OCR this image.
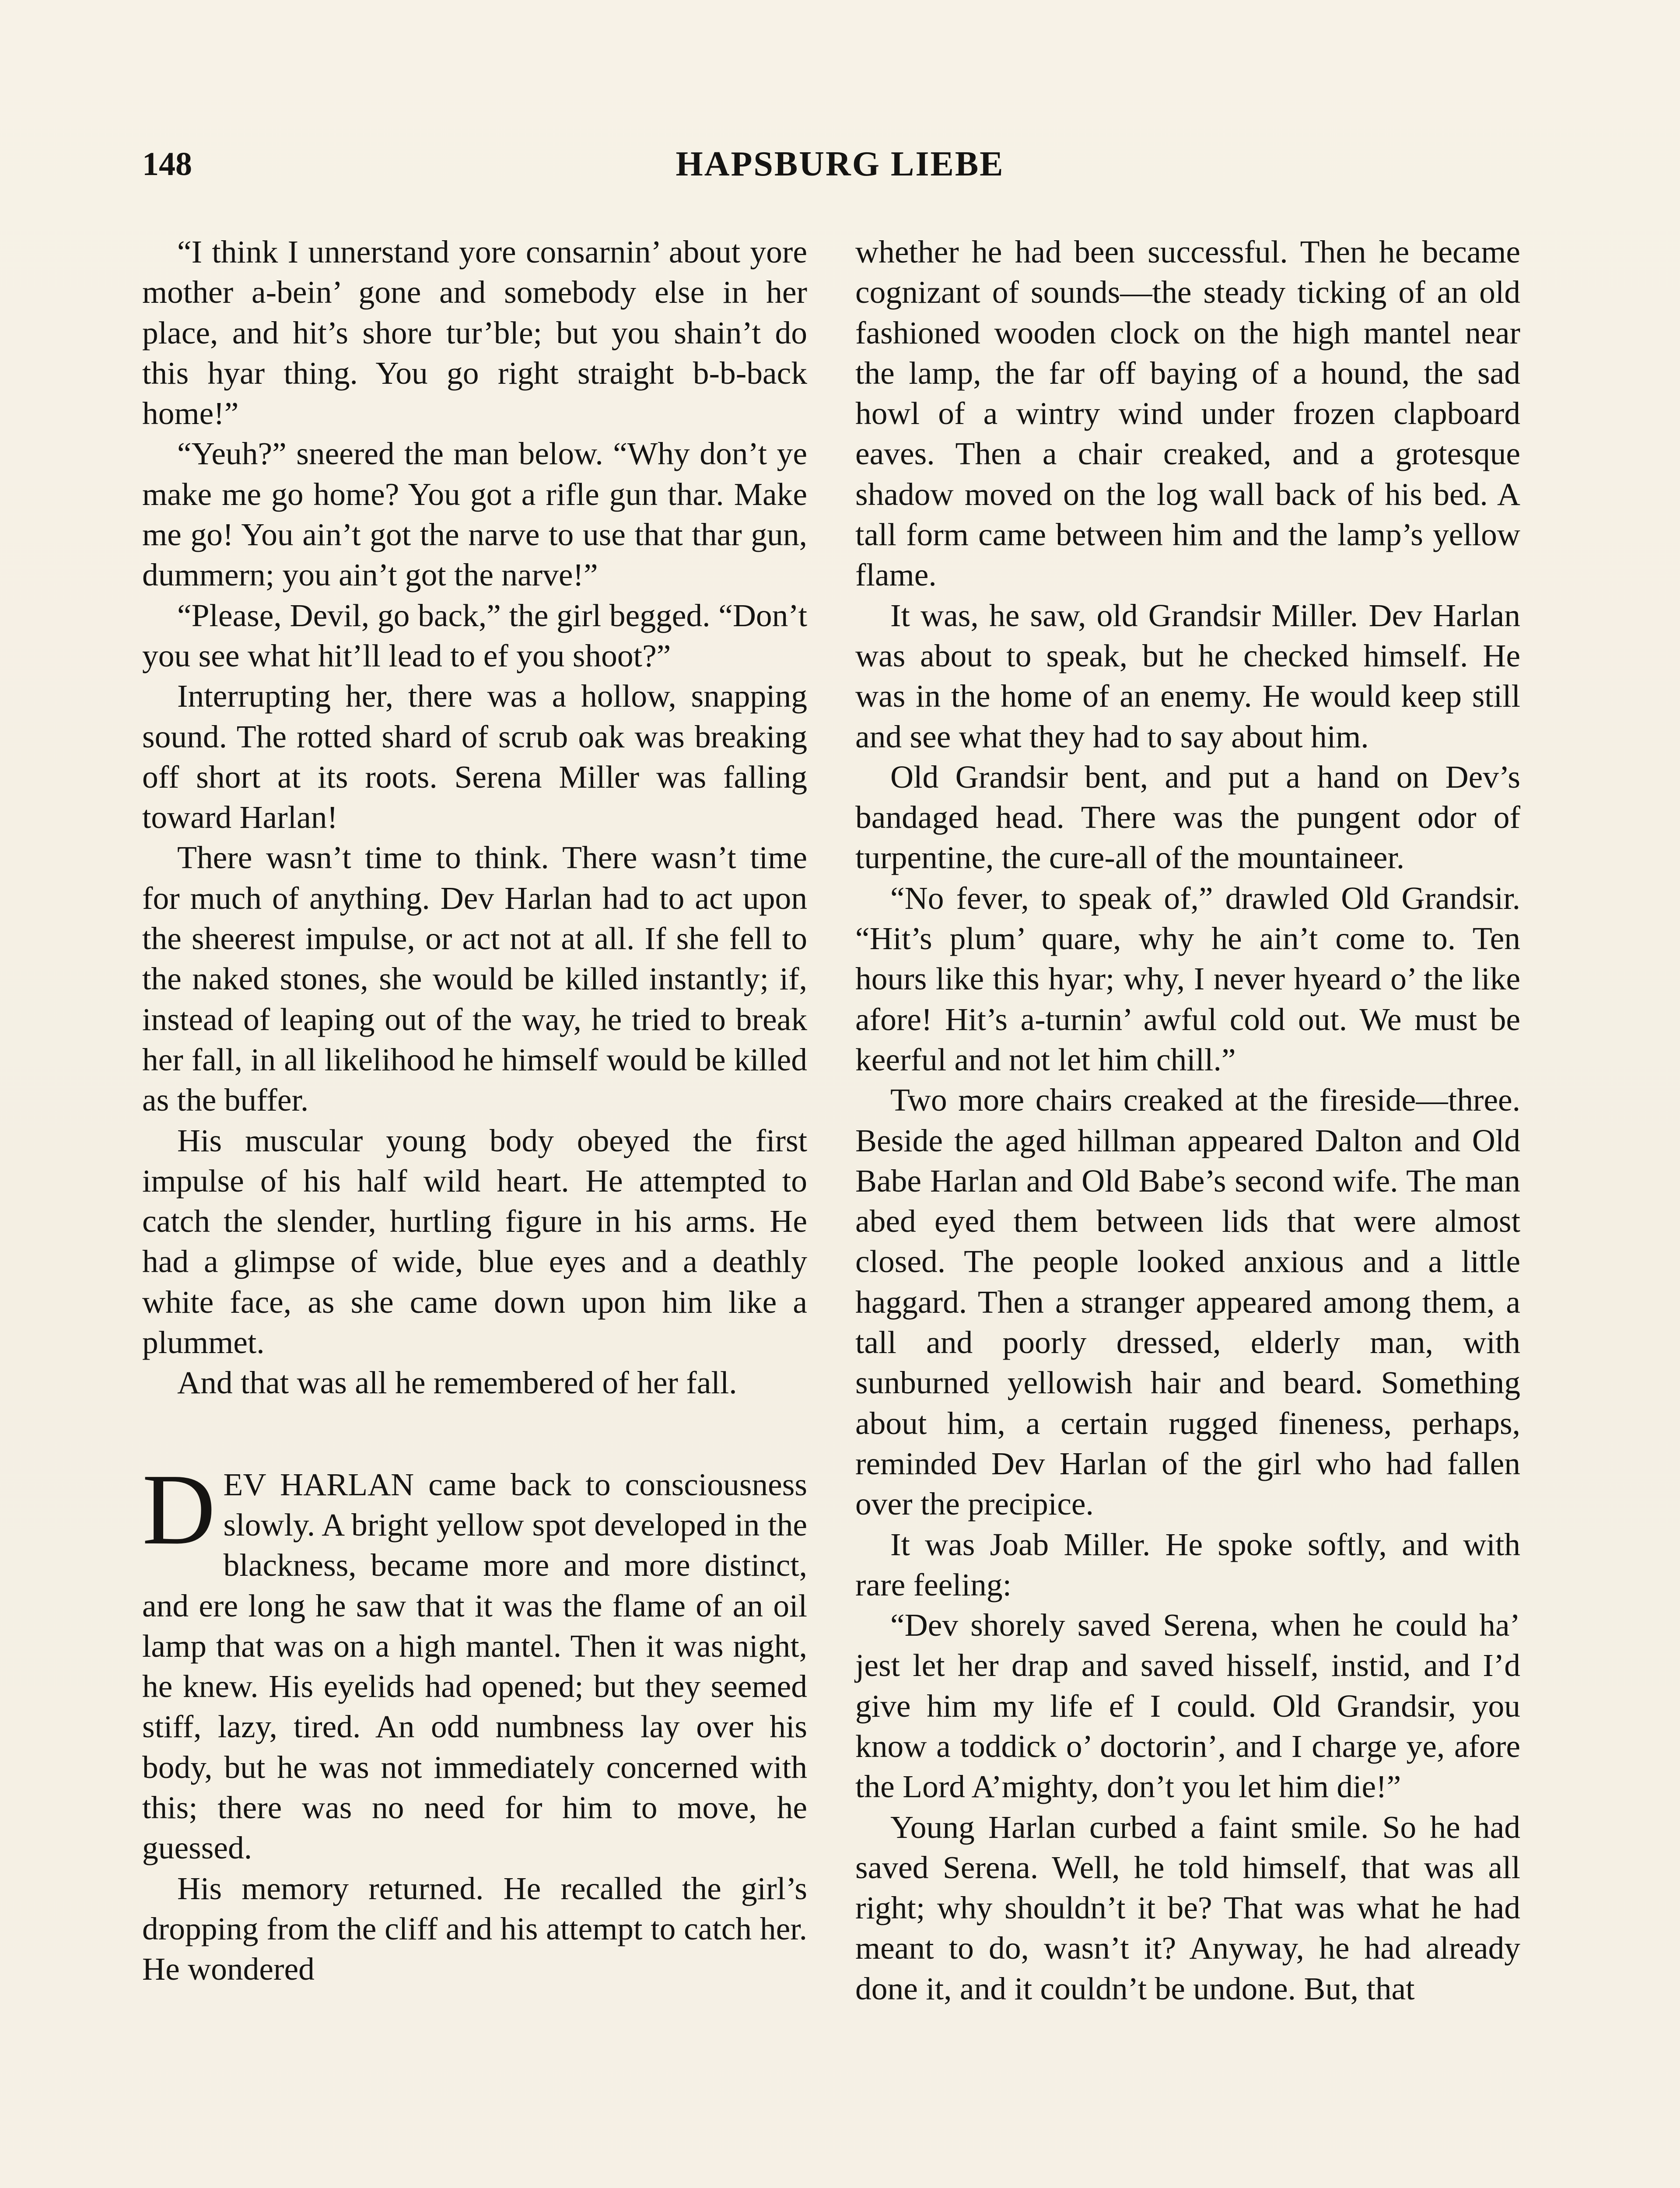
148	HAPSBURG LIEBE

“I think I unnerstand yore consarnin’ about yore mother a-bein’ gone and somebody else in her place, and hit’s shore tur’ble; but you shain’t do this hyar thing. You go right straight b-b-back home!”

“Yeuh?” sneered the man below. “Why don’t ye make me go home? You got a rifle gun thar. Make me go! You ain’t got the narve to use that thar gun, dummern; you ain’t got the narve!”

“Please, Devil, go back,” the girl begged. “Don’t you see what hit’ll lead to ef you shoot?”

Interrupting her, there was a hollow, snapping sound. The rotted shard of scrub oak was breaking off short at its roots. Serena Miller was falling toward Harlan!

There wasn’t time to think. There wasn’t time for much of anything. Dev Harlan had to act upon the sheerest impulse, or act not at all. If she fell to the naked stones, she would be killed instantly; if, instead of leaping out of the way, he tried to break her fall, in all likelihood he himself would be killed as the buffer.

His muscular young body obeyed the first impulse of his half wild heart. He attempted to catch the slender, hurtling figure in his arms. He had a glimpse of wide, blue eyes and a deathly white face, as she came down upon him like a plummet.

And that was all he remembered of her fall.

DEV HARLAN came back to consciousness slowly. A bright yellow spot developed in the blackness, became more and more distinct, and ere long he saw that it was the flame of an oil lamp that was on a high mantel. Then it was night, he knew. His eyelids had opened; but they seemed stiff, lazy, tired. An odd numbness lay over his body, but he was not immediately concerned with this; there was no need for him to move, he guessed.

His memory returned. He recalled the girl’s dropping from the cliff and his attempt to catch her. He wondered

whether he had been successful. Then he became cognizant of sounds—the steady ticking of an old fashioned wooden clock on the high mantel near the lamp, the far off baying of a hound, the sad howl of a wintry wind under frozen clapboard eaves. Then a chair creaked, and a grotesque shadow moved on the log wall back of his bed. A tall form came between him and the lamp’s yellow flame.

It was, he saw, old Grandsir Miller. Dev Harlan was about to speak, but he checked himself. He was in the home of an enemy. He would keep still and see what they had to say about him.

Old Grandsir bent, and put a hand on Dev’s bandaged head. There was the pungent odor of turpentine, the cure-all of the mountaineer.

“No fever, to speak of,” drawled Old Grandsir. “Hit’s plum’ quare, why he ain’t come to. Ten hours like this hyar; why, I never hyeard o’ the like afore! Hit’s a-turnin’ awful cold out. We must be keerful and not let him chill.”

Two more chairs creaked at the fireside—three. Beside the aged hillman appeared Dalton and Old Babe Harlan and Old Babe’s second wife. The man abed eyed them between lids that were almost closed. The people looked anxious and a little haggard. Then a stranger appeared among them, a tall and poorly dressed, elderly man, with sunburned yellowish hair and beard. Something about him, a certain rugged fineness, perhaps, reminded Dev Harlan of the girl who had fallen over the precipice.

It was Joab Miller. He spoke softly, and with rare feeling:

“Dev shorely saved Serena, when he could ha’ jest let her drap and saved hisself, instid, and I’d give him my life ef I could. Old Grandsir, you know a toddick o’ doctorin’, and I charge ye, afore the Lord A’mighty, don’t you let him die!”

Young Harlan curbed a faint smile. So he had saved Serena. Well, he told himself, that was all right; why shouldn’t it be? That was what he had meant to do, wasn’t it? Anyway, he had already done it, and it couldn’t be undone. But, that
